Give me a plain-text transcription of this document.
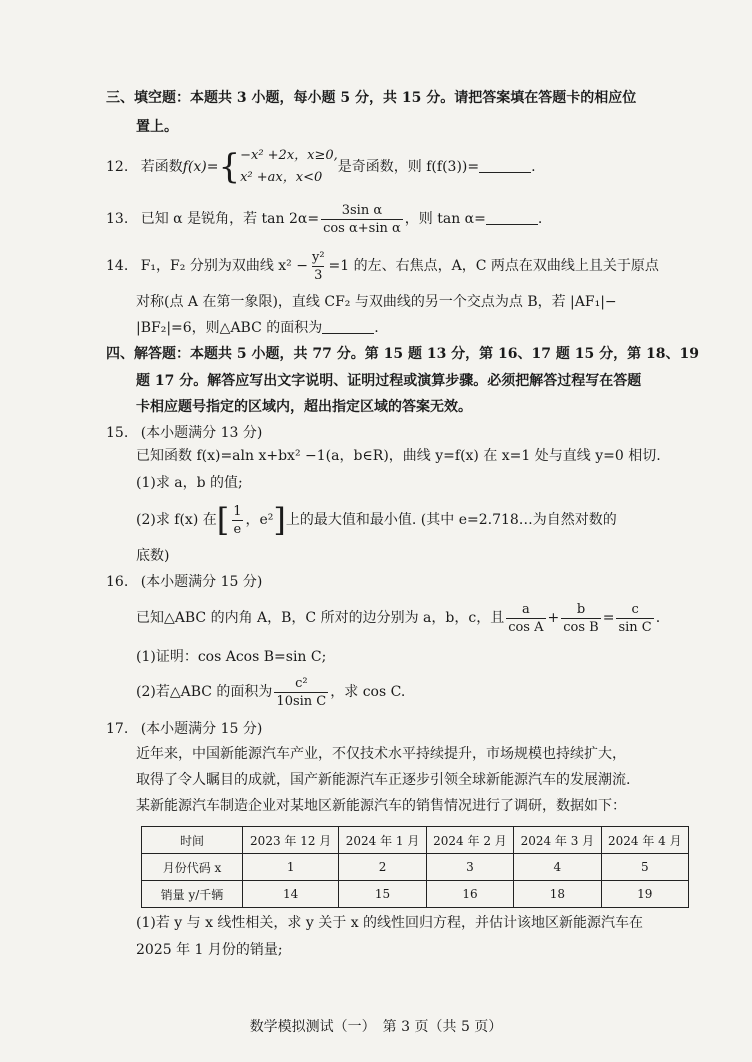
三、填空题：本题共 3 小题，每小题 5 分，共 15 分。请把答案填在答题卡的相应位
置上。
12. 若函数f(x)={ −x² +2x，x≥0,
x² +ax，x<0
是奇函数，则 f(f(3))=	.
13. 已知 α 是锐角，若 $\tan 2\alpha= \frac{\text{3sin α}}{\text{cos α+sin α}}$ ，则 tan α=	.
14. F₁，F₂ 分别为双曲线 $x^2 - \frac{\text{y²}}{3} =1$ 的左、右焦点，A，C 两点在双曲线上且关于原点
对称(点 A 在第一象限)，直线 CF₂ 与双曲线的另一个交点为点 B，若 |AF₁|−
|BF₂|=6，则△ABC 的面积为	.
四、解答题：本题共 5 小题，共 77 分。第 15 题 13 分，第 16、17 题 15 分，第 18、19
题 17 分。解答应写出文字说明、证明过程或演算步骤。必须把解答过程写在答题
卡相应题号指定的区域内，超出指定区域的答案无效。
15. (本小题满分 13 分)
已知函数 f(x)=aln x+bx² −1(a，b∈R)，曲线 y=f(x) 在 x=1 处与直线 y=0 相切.
(1)求 a，b 的值;
(2)求 f(x) 在[ $\frac{1}{e}$ ，e²]上的最大值和最小值. (其中 e=2.718…为自然对数的
底数)
16. (本小题满分 15 分)
已知△ABC 的内角 A，B，C 所对的边分别为 a，b，c，且 $\frac{a}{\text{cos A}} + \frac{b}{\text{cos B}} = \frac{c}{\text{sin C}}$ .
(1)证明：cos Acos B=sin C;
(2)若△ABC 的面积为 $\frac{\text{c²}}{\text{10sin C}}$ ，求 cos C.
17. (本小题满分 15 分)
近年来，中国新能源汽车产业，不仅技术水平持续提升，市场规模也持续扩大，
取得了令人瞩目的成就，国产新能源汽车正逐步引领全球新能源汽车的发展潮流.
某新能源汽车制造企业对某地区新能源汽车的销售情况进行了调研，数据如下：
时间	2023 年 12 月	2024 年 1 月	2024 年 2 月	2024 年 3 月	2024 年 4 月
月份代码 x	1	2	3	4	5
销量 y/千辆	14	15	16	18	19
(1)若 y 与 x 线性相关，求 y 关于 x 的线性回归方程，并估计该地区新能源汽车在
2025 年 1 月份的销量;
数学模拟测试（一）　第 3 页（共 5 页）
